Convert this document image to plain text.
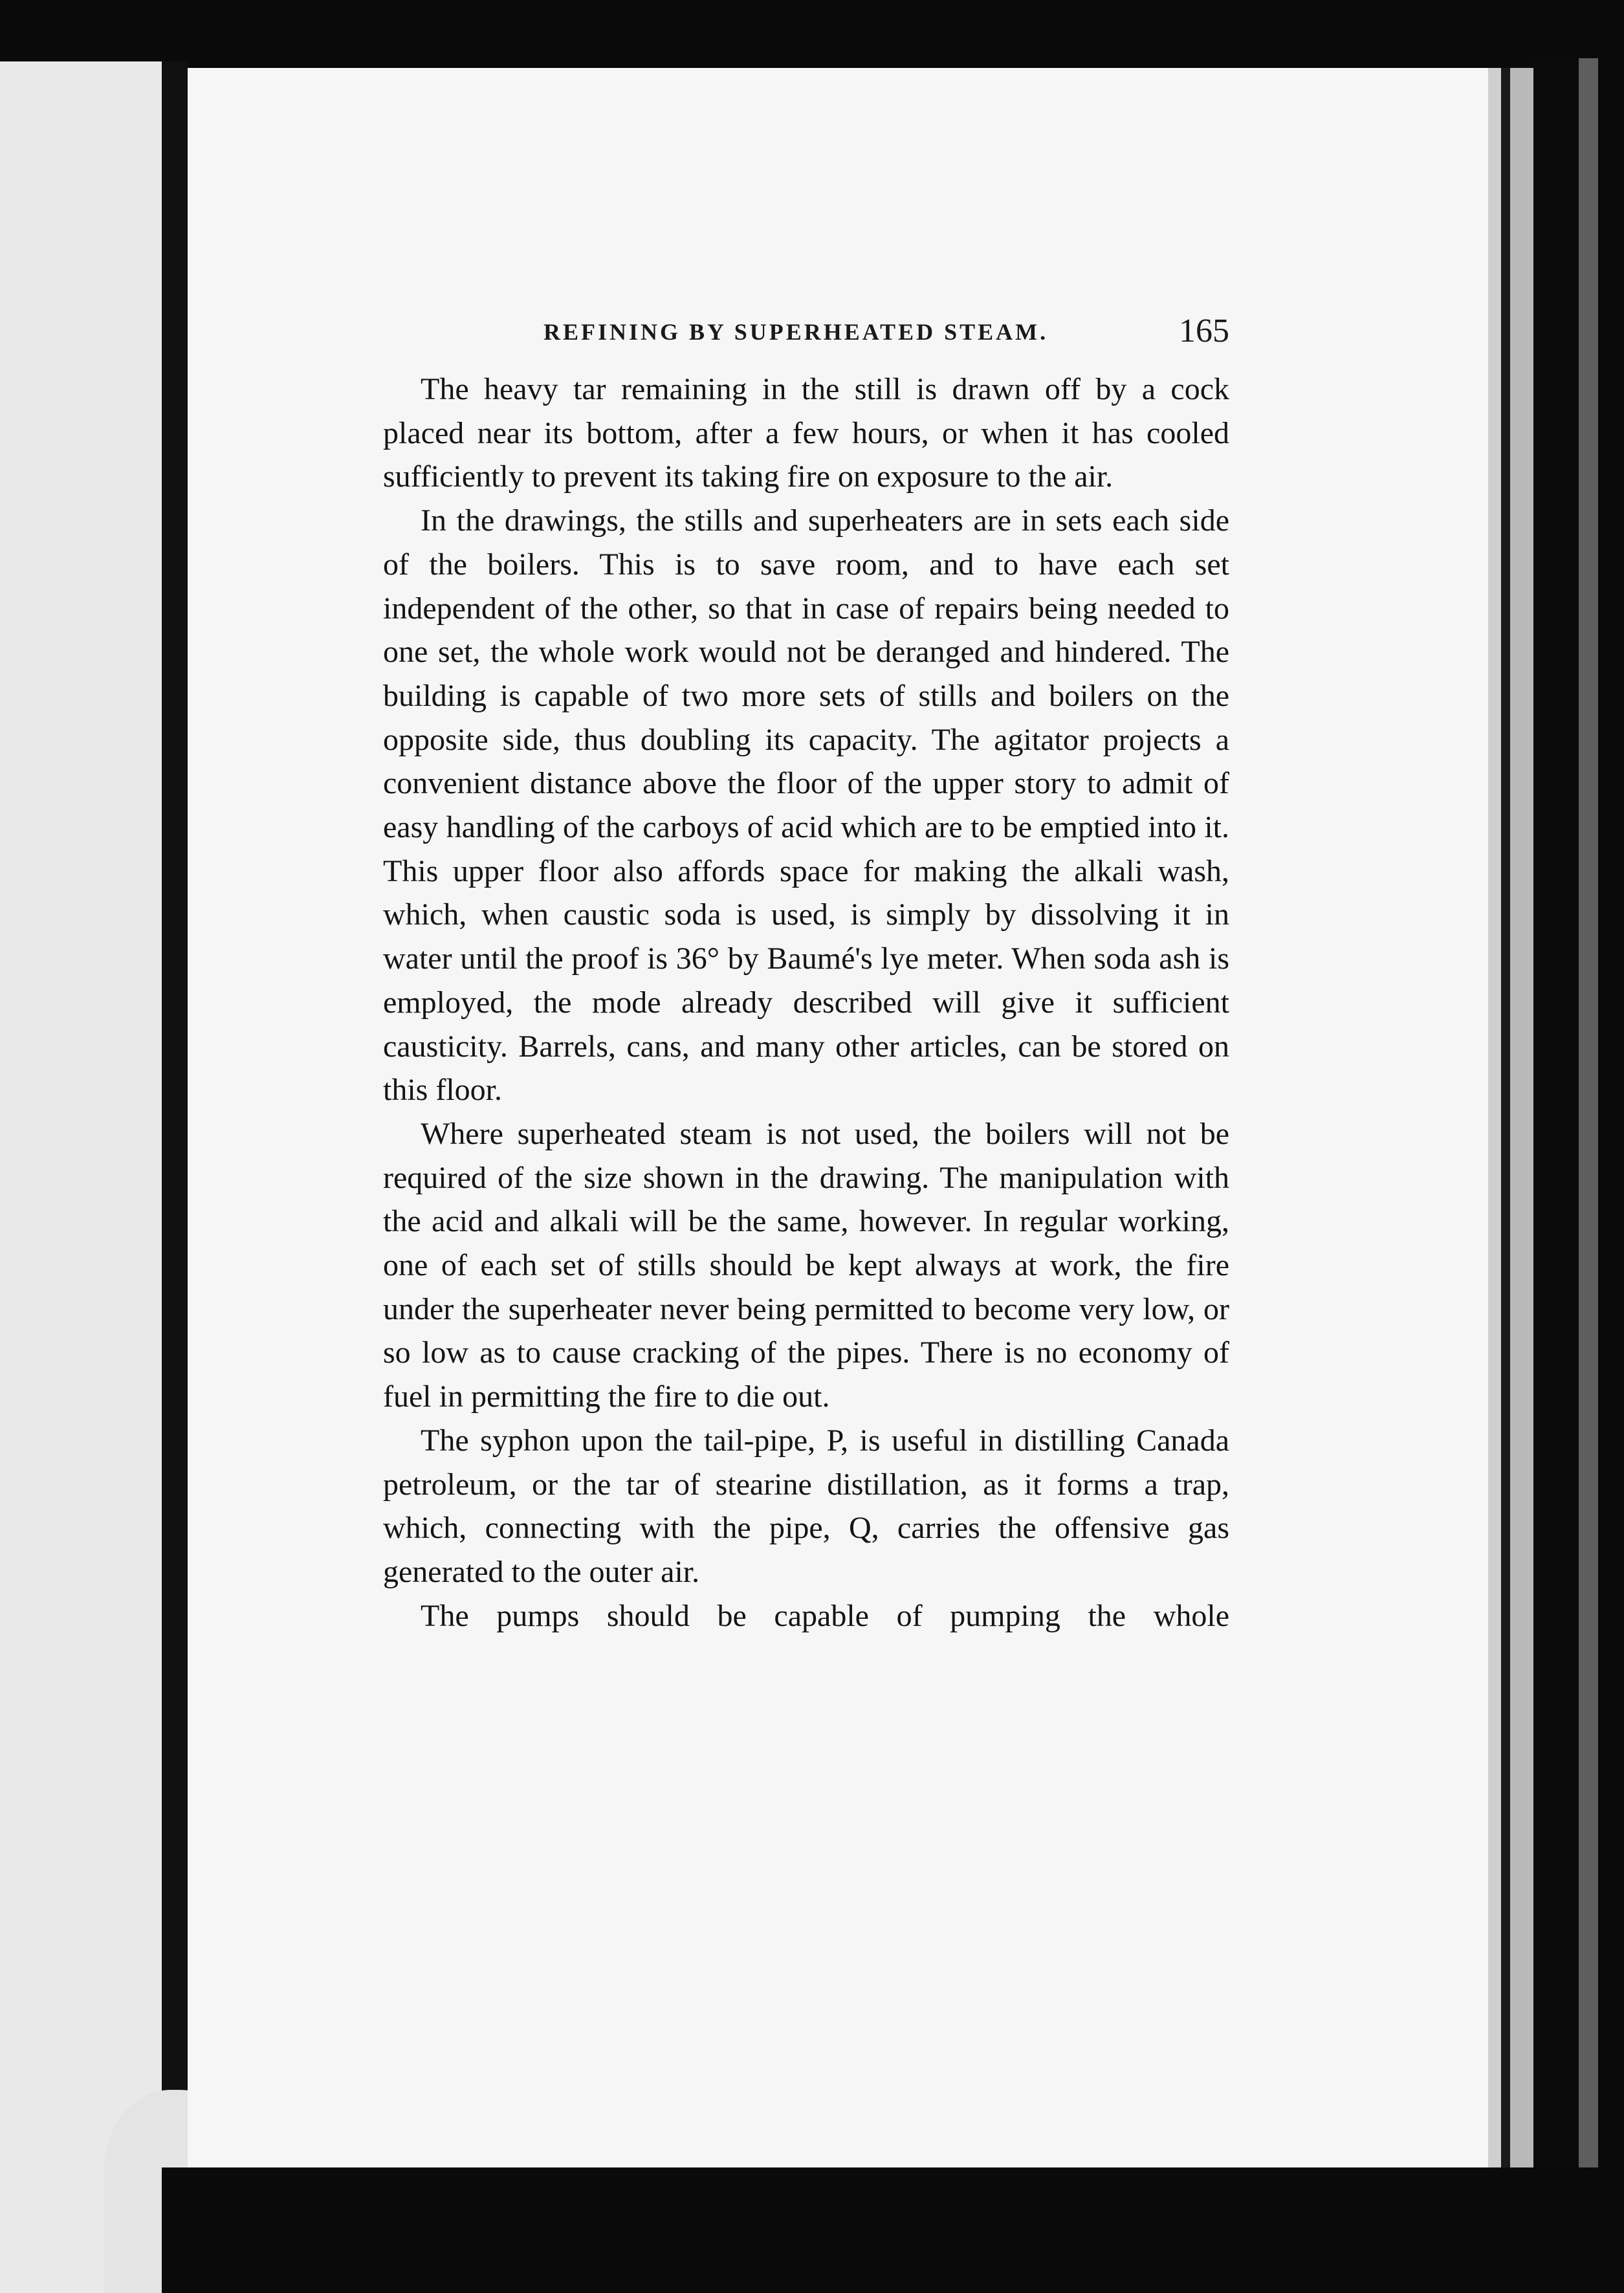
REFINING BY SUPERHEATED STEAM.	165

The heavy tar remaining in the still is drawn off by a cock placed near its bottom, after a few hours, or when it has cooled sufficiently to prevent its taking fire on exposure to the air.

In the drawings, the stills and superheaters are in sets each side of the boilers. This is to save room, and to have each set independent of the other, so that in case of repairs being needed to one set, the whole work would not be deranged and hindered. The building is capable of two more sets of stills and boilers on the opposite side, thus doubling its capacity. The agitator projects a convenient distance above the floor of the upper story to admit of easy handling of the carboys of acid which are to be emptied into it. This upper floor also affords space for making the alkali wash, which, when caustic soda is used, is simply by dissolving it in water until the proof is 36° by Baumé's lye meter. When soda ash is employed, the mode already described will give it sufficient causticity. Barrels, cans, and many other articles, can be stored on this floor.

Where superheated steam is not used, the boilers will not be required of the size shown in the drawing. The manipulation with the acid and alkali will be the same, however. In regular working, one of each set of stills should be kept always at work, the fire under the superheater never being permitted to become very low, or so low as to cause cracking of the pipes. There is no economy of fuel in permitting the fire to die out.

The syphon upon the tail-pipe, P, is useful in distilling Canada petroleum, or the tar of stearine distillation, as it forms a trap, which, connecting with the pipe, Q, carries the offensive gas generated to the outer air.

The pumps should be capable of pumping the whole
